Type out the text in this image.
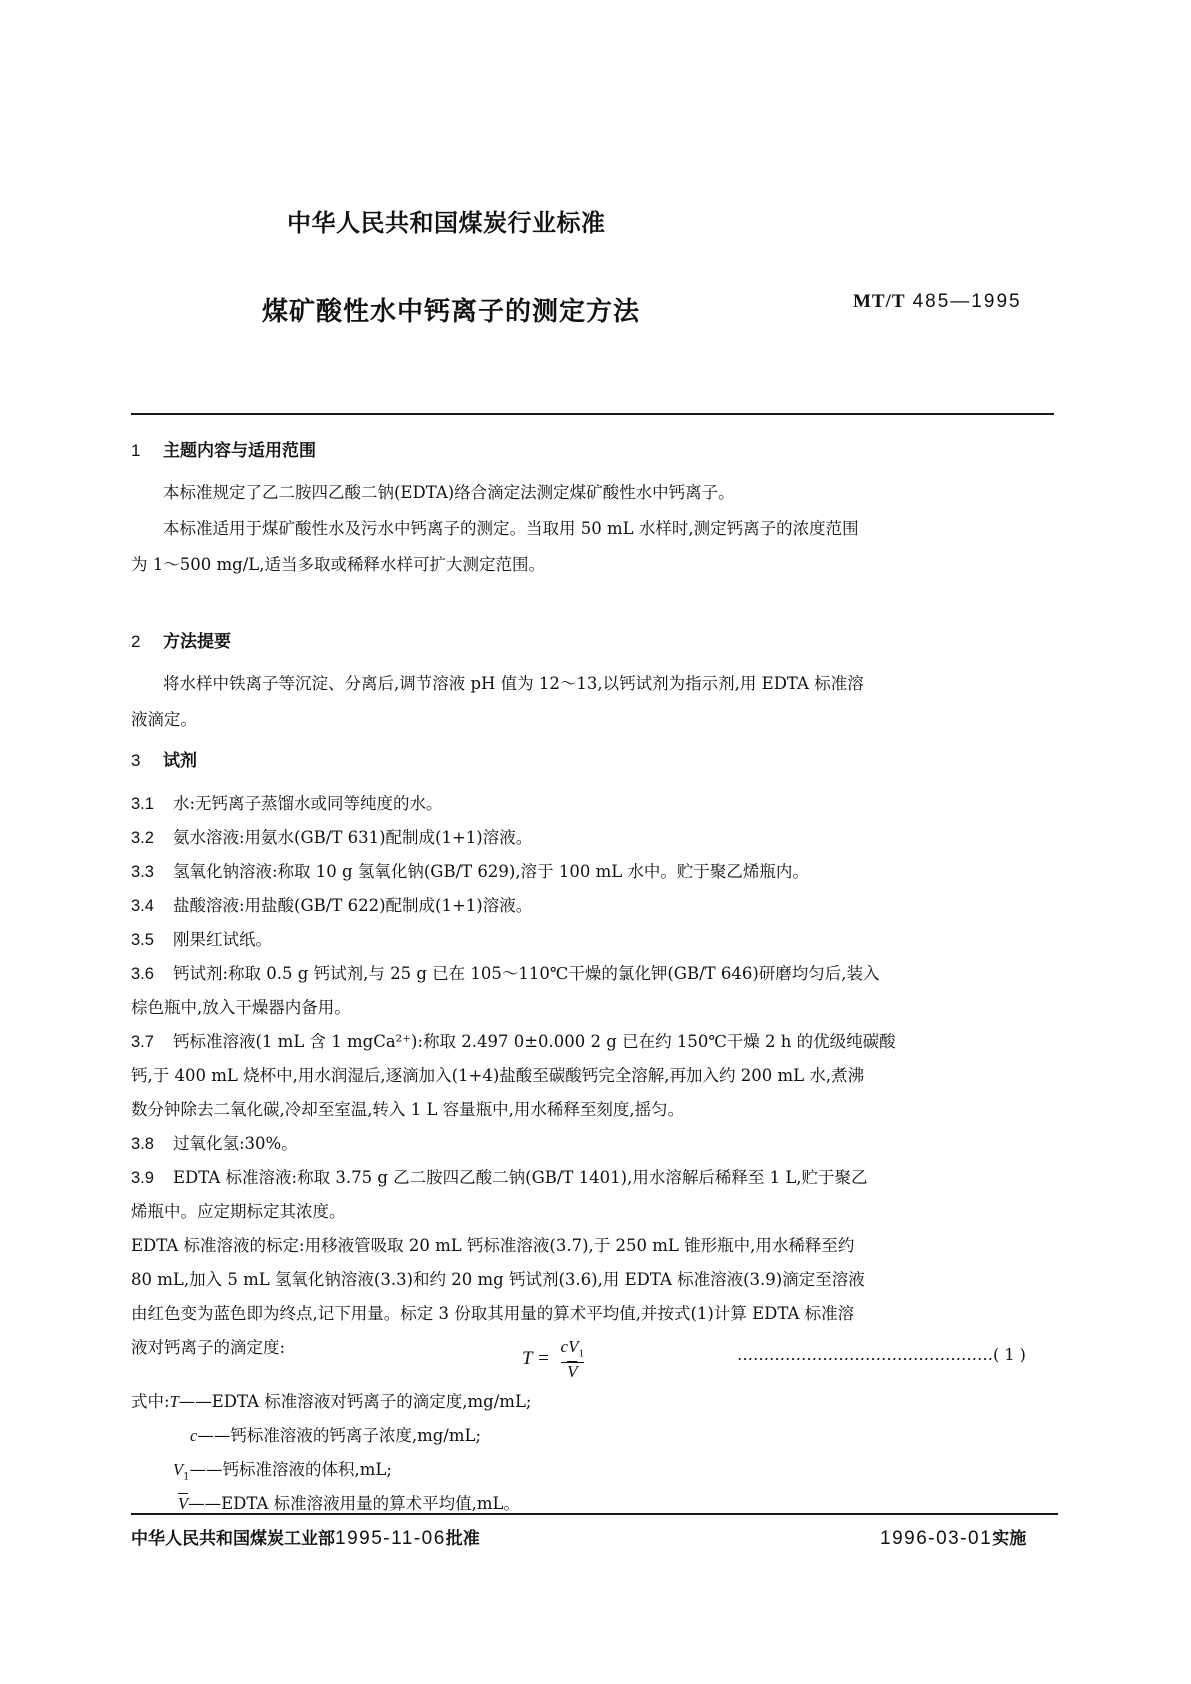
中华人民共和国煤炭行业标准
煤矿酸性水中钙离子的测定方法	MT/T 485—1995
1 主题内容与适用范围
本标准规定了乙二胺四乙酸二钠(EDTA)络合滴定法测定煤矿酸性水中钙离子。
本标准适用于煤矿酸性水及污水中钙离子的测定。当取用 50 mL 水样时,测定钙离子的浓度范围
为 1～500 mg/L,适当多取或稀释水样可扩大测定范围。
2 方法提要
将水样中铁离子等沉淀、分离后,调节溶液 pH 值为 12～13,以钙试剂为指示剂,用 EDTA 标准溶
液滴定。
3 试剂
3.1 水:无钙离子蒸馏水或同等纯度的水。
3.2 氨水溶液:用氨水(GB/T 631)配制成(1+1)溶液。
3.3 氢氧化钠溶液:称取 10 g 氢氧化钠(GB/T 629),溶于 100 mL 水中。贮于聚乙烯瓶内。
3.4 盐酸溶液:用盐酸(GB/T 622)配制成(1+1)溶液。
3.5 刚果红试纸。
3.6 钙试剂:称取 0.5 g 钙试剂,与 25 g 已在 105～110℃干燥的氯化钾(GB/T 646)研磨均匀后,装入
棕色瓶中,放入干燥器内备用。
3.7 钙标准溶液(1 mL 含 1 mgCa²⁺):称取 2.497 0±0.000 2 g 已在约 150℃干燥 2 h 的优级纯碳酸
钙,于 400 mL 烧杯中,用水润湿后,逐滴加入(1+4)盐酸至碳酸钙完全溶解,再加入约 200 mL 水,煮沸
数分钟除去二氧化碳,冷却至室温,转入 1 L 容量瓶中,用水稀释至刻度,摇匀。
3.8 过氧化氢:30%。
3.9 EDTA 标准溶液:称取 3.75 g 乙二胺四乙酸二钠(GB/T 1401),用水溶解后稀释至 1 L,贮于聚乙
烯瓶中。应定期标定其浓度。
EDTA 标准溶液的标定:用移液管吸取 20 mL 钙标准溶液(3.7),于 250 mL 锥形瓶中,用水稀释至约
80 mL,加入 5 mL 氢氧化钠溶液(3.3)和约 20 mg 钙试剂(3.6),用 EDTA 标准溶液(3.9)滴定至溶液
由红色变为蓝色即为终点,记下用量。标定 3 份取其用量的算术平均值,并按式(1)计算 EDTA 标准溶
液对钙离子的滴定度:
$T = \frac{cV_1}{V}$	…………………………………………( 1 )
式中:T——EDTA 标准溶液对钙离子的滴定度,mg/mL;
c——钙标准溶液的钙离子浓度,mg/mL;
$V_1——$钙标准溶液的体积,mL;
$\overline{V}——EDTA$ 标准溶液用量的算术平均值,mL。
中华人民共和国煤炭工业部1995-11-06批准	1996-03-01实施
